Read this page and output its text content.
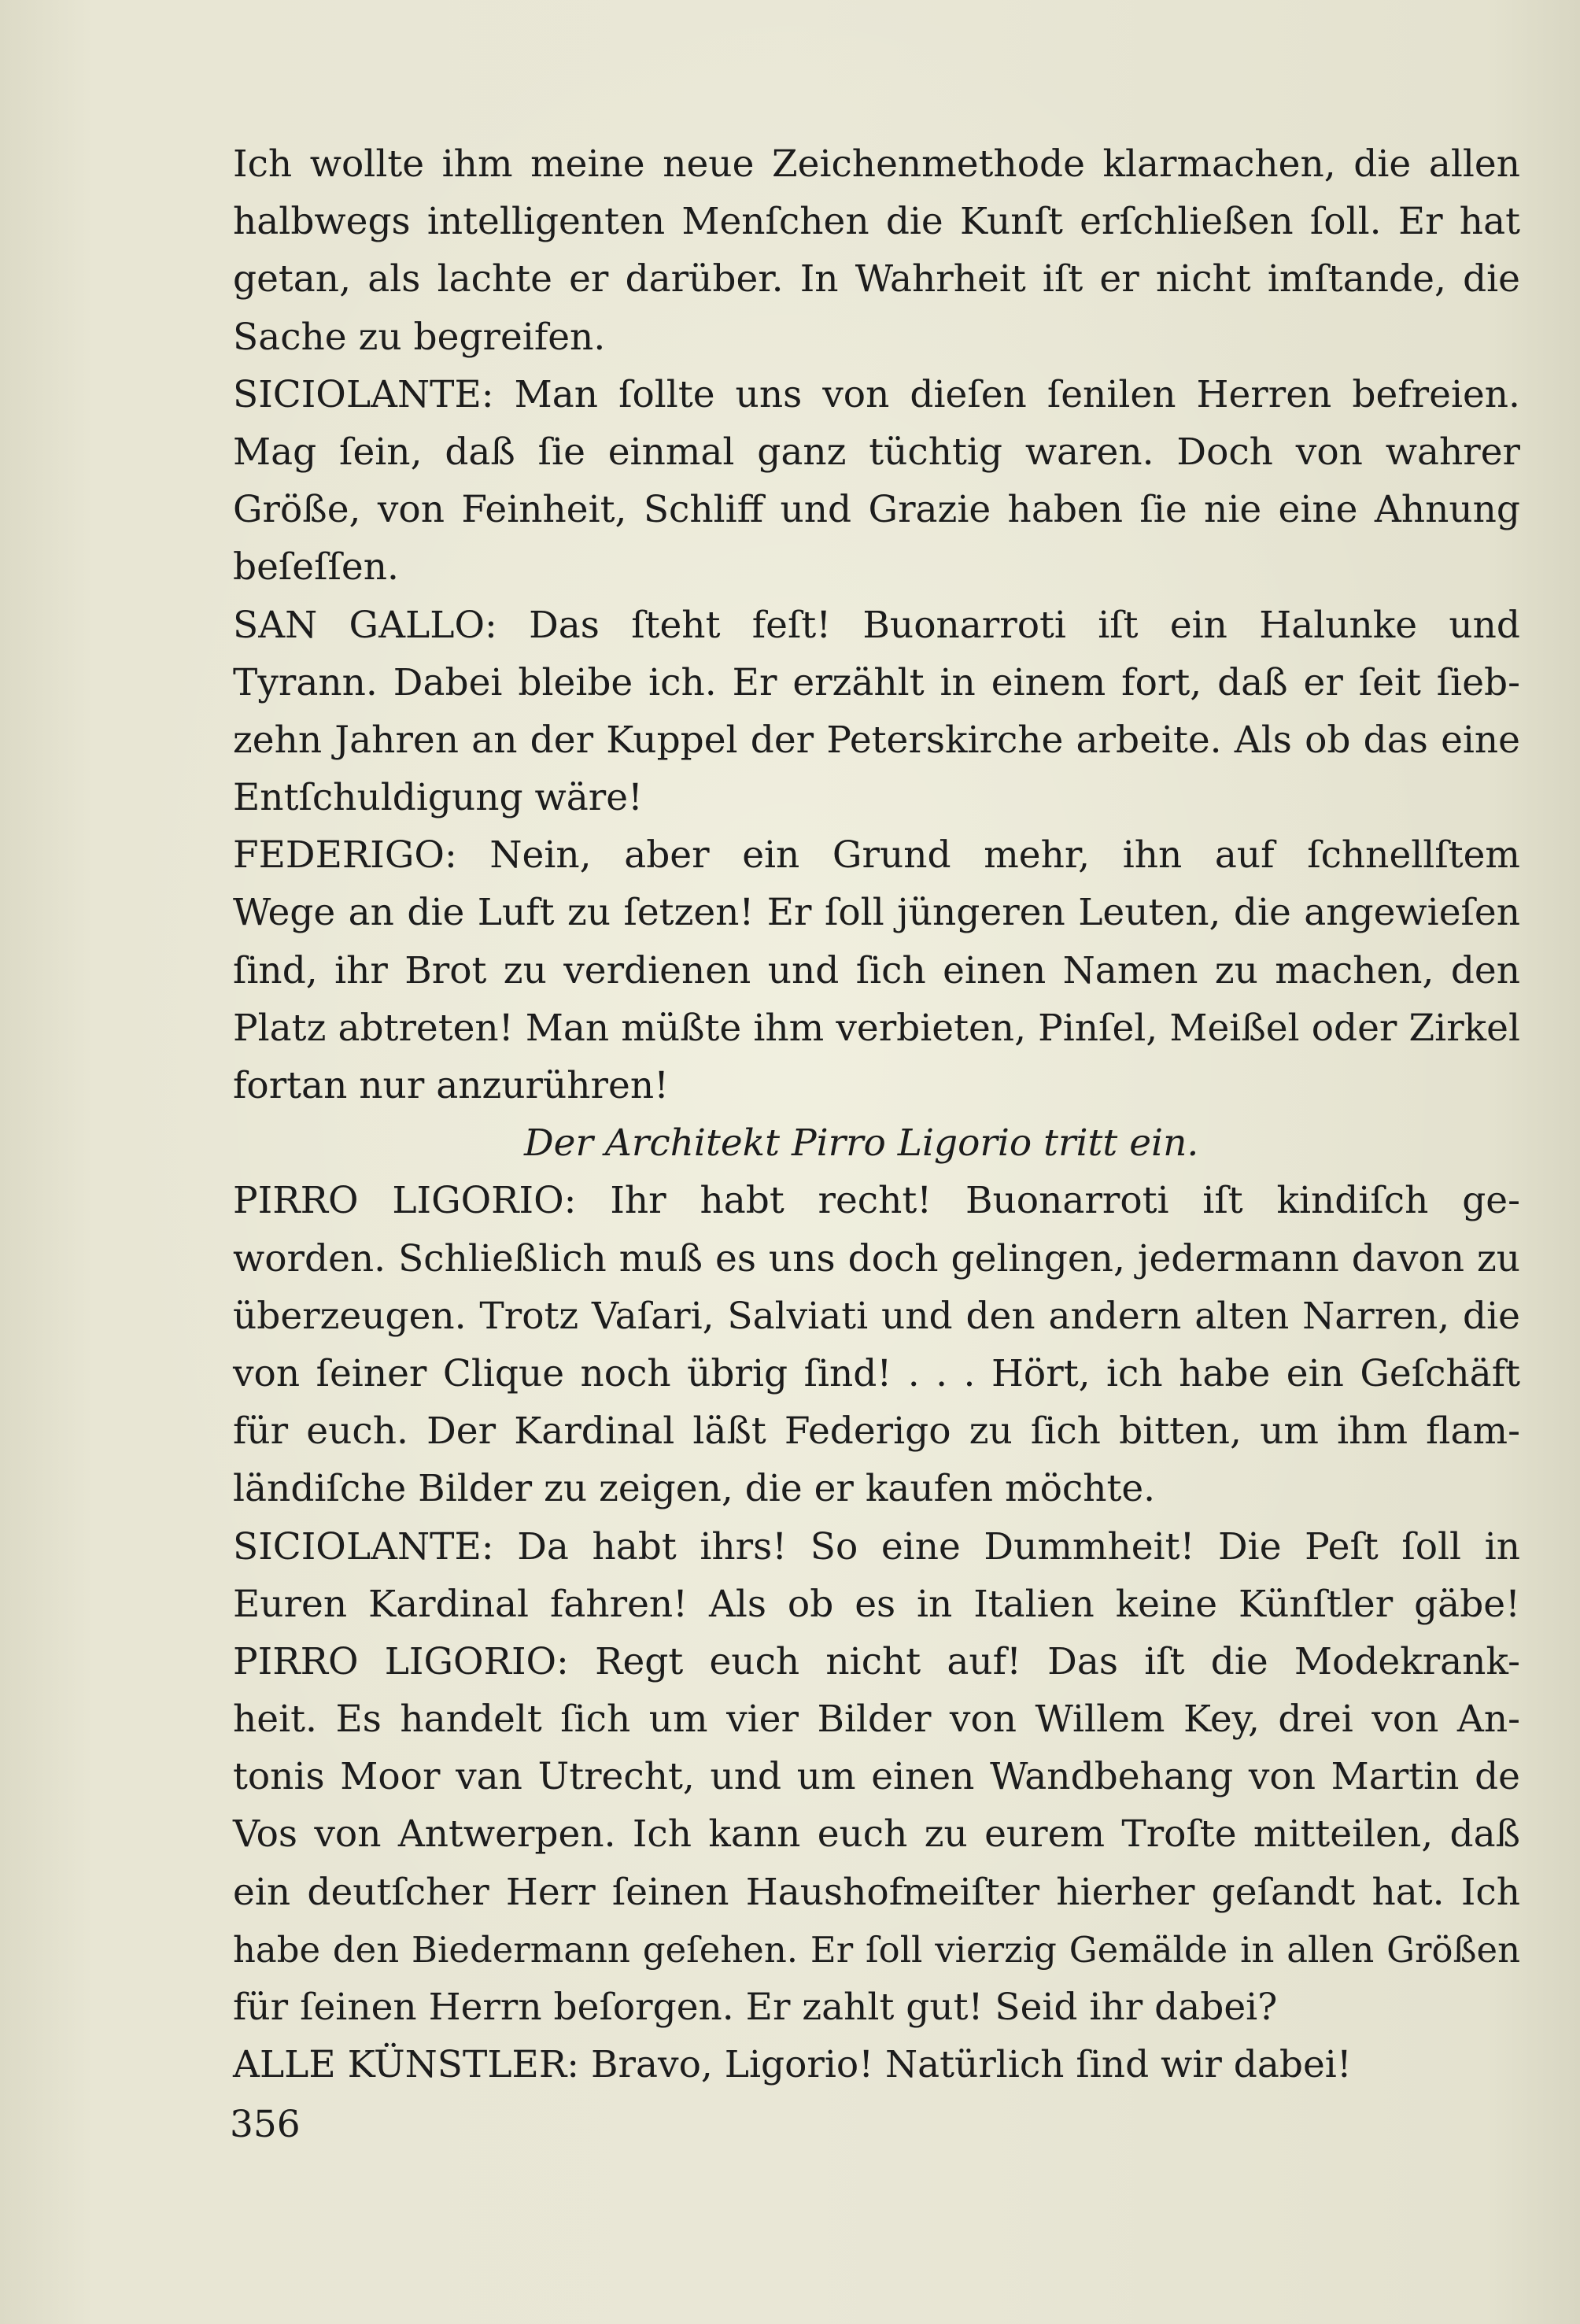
Ich wollte ihm meine neue Zeichenmethode klarmachen, die allen
halbwegs intelligenten Menſchen die Kunſt erſchließen ſoll. Er hat
getan, als lachte er darüber. In Wahrheit iſt er nicht imſtande, die
Sache zu begreifen.
SICIOLANTE: Man ſollte uns von dieſen ſenilen Herren befreien.
Mag ſein, daß ſie einmal ganz tüchtig waren. Doch von wahrer
Größe, von Feinheit, Schliff und Grazie haben ſie nie eine Ahnung
beſeſſen.
SAN GALLO: Das ſteht feſt! Buonarroti iſt ein Halunke und
Tyrann. Dabei bleibe ich. Er erzählt in einem fort, daß er ſeit ſieb-
zehn Jahren an der Kuppel der Peterskirche arbeite. Als ob das eine
Entſchuldigung wäre!
FEDERIGO: Nein, aber ein Grund mehr, ihn auf ſchnellſtem
Wege an die Luft zu ſetzen! Er ſoll jüngeren Leuten, die angewieſen
ſind, ihr Brot zu verdienen und ſich einen Namen zu machen, den
Platz abtreten! Man müßte ihm verbieten, Pinſel, Meißel oder Zirkel
fortan nur anzurühren!
Der Architekt Pirro Ligorio tritt ein.
PIRRO LIGORIO: Ihr habt recht! Buonarroti iſt kindiſch ge-
worden. Schließlich muß es uns doch gelingen, jedermann davon zu
überzeugen. Trotz Vaſari, Salviati und den andern alten Narren, die
von ſeiner Clique noch übrig ſind! . . . Hört, ich habe ein Geſchäft
für euch. Der Kardinal läßt Federigo zu ſich bitten, um ihm flam-
ländiſche Bilder zu zeigen, die er kaufen möchte.
SICIOLANTE: Da habt ihrs! So eine Dummheit! Die Peſt ſoll in
Euren Kardinal fahren! Als ob es in Italien keine Künſtler gäbe!
PIRRO LIGORIO: Regt euch nicht auf! Das iſt die Modekrank-
heit. Es handelt ſich um vier Bilder von Willem Key, drei von An-
tonis Moor van Utrecht, und um einen Wandbehang von Martin de
Vos von Antwerpen. Ich kann euch zu eurem Troſte mitteilen, daß
ein deutſcher Herr ſeinen Haushofmeiſter hierher geſandt hat. Ich
habe den Biedermann geſehen. Er ſoll vierzig Gemälde in allen Größen
für ſeinen Herrn beſorgen. Er zahlt gut! Seid ihr dabei?
ALLE KÜNSTLER: Bravo, Ligorio! Natürlich ſind wir dabei!
356
